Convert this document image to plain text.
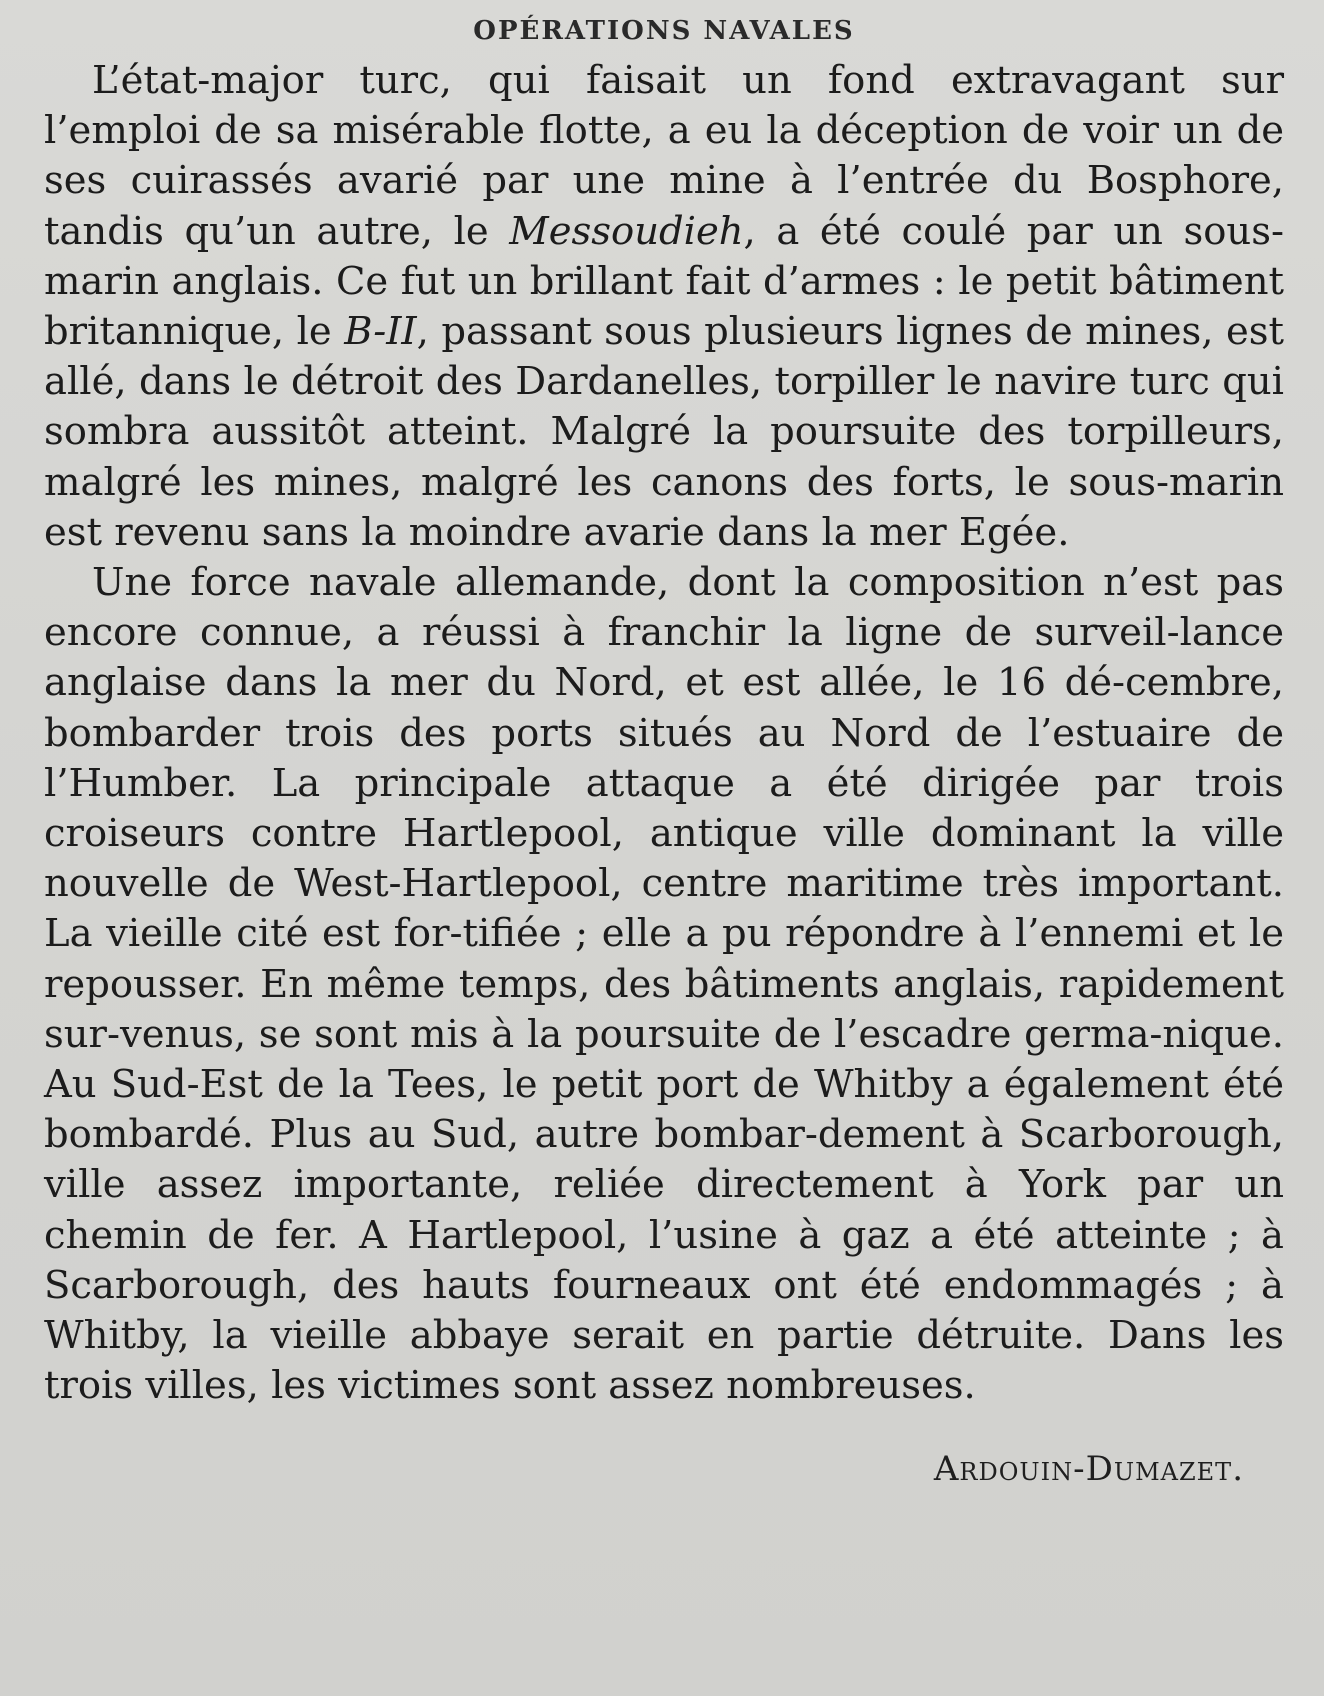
OPÉRATIONS NAVALES

L’état-major turc, qui faisait un fond extravagant sur l’emploi de sa misérable flotte, a eu la déception de voir un de ses cuirassés avarié par une mine à l’entrée du Bosphore, tandis qu’un autre, le Messoudieh, a été coulé par un sous-marin anglais. Ce fut un brillant fait d’armes : le petit bâtiment britannique, le B-II, passant sous plusieurs lignes de mines, est allé, dans le détroit des Dardanelles, torpiller le navire turc qui sombra aussitôt atteint. Malgré la poursuite des torpilleurs, malgré les mines, malgré les canons des forts, le sous-marin est revenu sans la moindre avarie dans la mer Egée.

Une force navale allemande, dont la composition n’est pas encore connue, a réussi à franchir la ligne de surveil-lance anglaise dans la mer du Nord, et est allée, le 16 dé-cembre, bombarder trois des ports situés au Nord de l’estuaire de l’Humber. La principale attaque a été dirigée par trois croiseurs contre Hartlepool, antique ville dominant la ville nouvelle de West-Hartlepool, centre maritime très important. La vieille cité est for-tifiée ; elle a pu répondre à l’ennemi et le repousser. En même temps, des bâtiments anglais, rapidement sur-venus, se sont mis à la poursuite de l’escadre germa-nique. Au Sud-Est de la Tees, le petit port de Whitby a également été bombardé. Plus au Sud, autre bombar-dement à Scarborough, ville assez importante, reliée directement à York par un chemin de fer. A Hartlepool, l’usine à gaz a été atteinte ; à Scarborough, des hauts fourneaux ont été endommagés ; à Whitby, la vieille abbaye serait en partie détruite. Dans les trois villes, les victimes sont assez nombreuses.

Ardouin-Dumazet.
